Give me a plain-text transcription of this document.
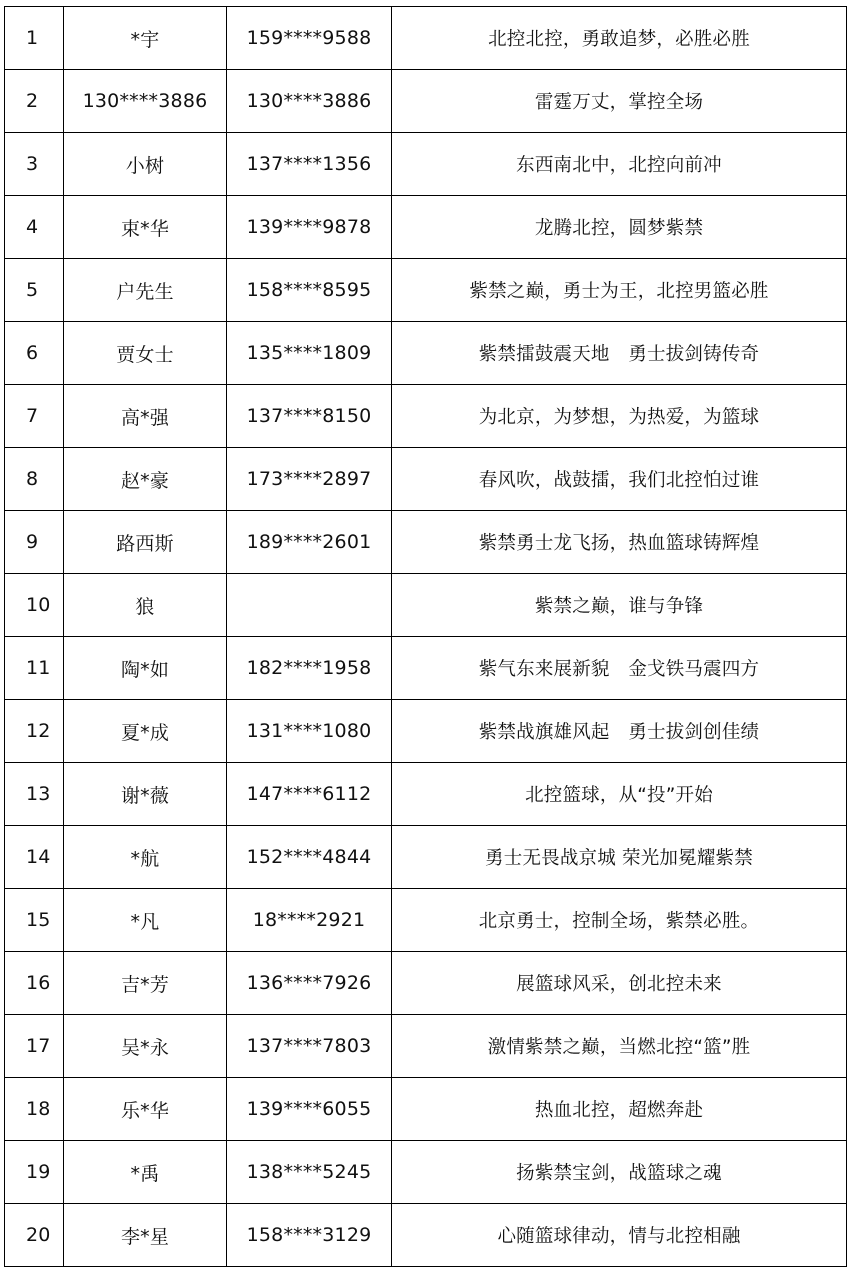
1	*宇	159****9588	北控北控，勇敢追梦，必胜必胜
2	130****3886	130****3886	雷霆万丈，掌控全场
3	小树	137****1356	东西南北中，北控向前冲
4	束*华	139****9878	龙腾北控，圆梦紫禁
5	户先生	158****8595	紫禁之巅，勇士为王，北控男篮必胜
6	贾女士	135****1809	紫禁擂鼓震天地　勇士拔剑铸传奇
7	高*强	137****8150	为北京，为梦想，为热爱，为篮球
8	赵*豪	173****2897	春风吹，战鼓擂，我们北控怕过谁
9	路西斯	189****2601	紫禁勇士龙飞扬，热血篮球铸辉煌
10	狼		紫禁之巅，谁与争锋
11	陶*如	182****1958	紫气东来展新貌　金戈铁马震四方
12	夏*成	131****1080	紫禁战旗雄风起　勇士拔剑创佳绩
13	谢*薇	147****6112	北控篮球，从“投”开始
14	*航	152****4844	勇士无畏战京城 荣光加冕耀紫禁
15	*凡	18****2921	北京勇士，控制全场，紫禁必胜。
16	吉*芳	136****7926	展篮球风采，创北控未来
17	吴*永	137****7803	激情紫禁之巅，当燃北控“篮”胜
18	乐*华	139****6055	热血北控，超燃奔赴
19	*禹	138****5245	扬紫禁宝剑，战篮球之魂
20	李*星	158****3129	心随篮球律动，情与北控相融
